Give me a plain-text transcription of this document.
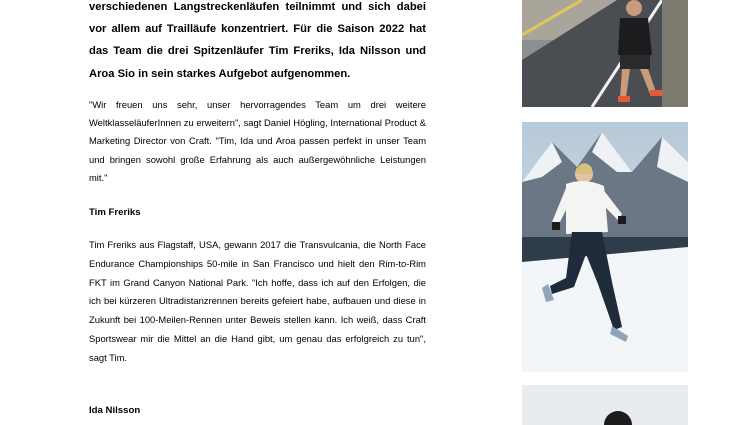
verschiedenen Langstreckenläufen teilnimmt und sich dabei vor allem auf Trailläufe konzentriert. Für die Saison 2022 hat das Team die drei Spitzenläufer Tim Freriks, Ida Nilsson und Aroa Sio in sein starkes Aufgebot aufgenommen.

"Wir freuen uns sehr, unser hervorragendes Team um drei weitere WeltklasseläuferInnen zu erweitern", sagt Daniel Högling, International Product & Marketing Director von Craft. "Tim, Ida und Aroa passen perfekt in unser Team und bringen sowohl große Erfahrung als auch außergewöhnliche Leistungen mit."

Tim Freriks

Tim Freriks aus Flagstaff, USA, gewann 2017 die Transvulcania, die North Face Endurance Championships 50-mile in San Francisco und hielt den Rim-to-Rim FKT im Grand Canyon National Park. "Ich hoffe, dass ich auf den Erfolgen, die ich bei kürzeren Ultradistanzrennen bereits gefeiert habe, aufbauen und diese in Zukunft bei 100-Meilen-Rennen unter Beweis stellen kann. Ich weiß, dass Craft Sportswear mir die Mittel an die Hand gibt, um genau das erfolgreich zu tun", sagt Tim.

Ida Nilsson
